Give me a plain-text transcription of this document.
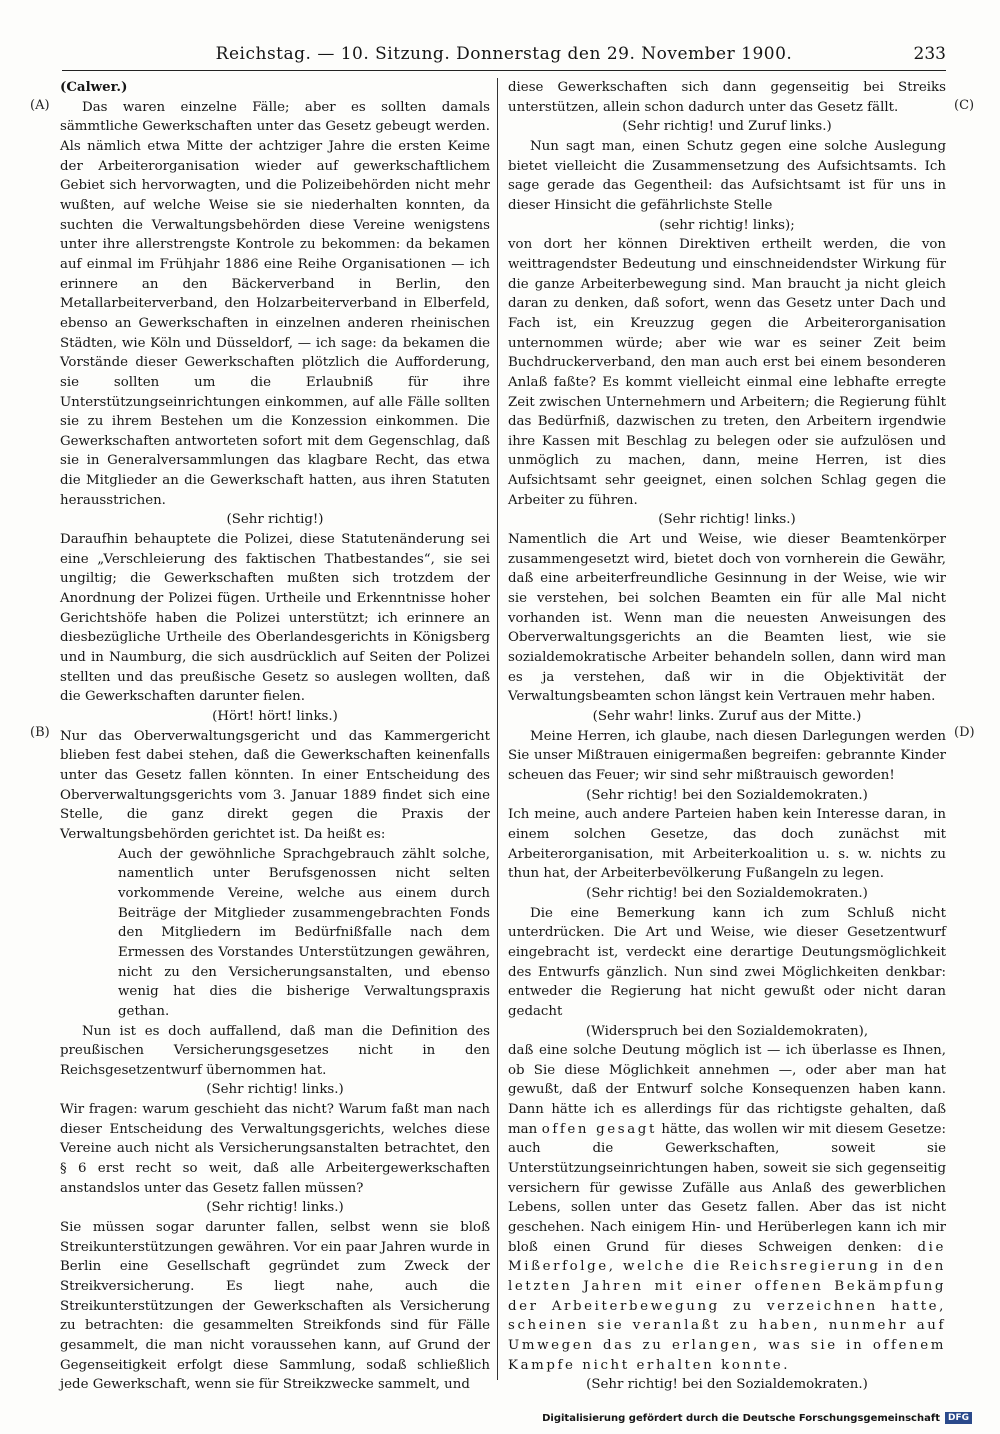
Reichstag. — 10. Sitzung. Donnerstag den 29. November 1900.	233
(A)
(B)
(C)
(D)

(Calwer.)

Das waren einzelne Fälle; aber es sollten damals sämmtliche Gewerkschaften unter das Gesetz gebeugt werden. Als nämlich etwa Mitte der achtziger Jahre die ersten Keime der Arbeiterorganisation wieder auf gewerkschaftlichem Gebiet sich hervorwagten, und die Polizeibehörden nicht mehr wußten, auf welche Weise sie sie niederhalten konnten, da suchten die Verwaltungsbehörden diese Vereine wenigstens unter ihre allerstrengste Kontrole zu bekommen: da bekamen auf einmal im Frühjahr 1886 eine Reihe Organisationen — ich erinnere an den Bäckerverband in Berlin, den Metallarbeiterverband, den Holzarbeiterverband in Elberfeld, ebenso an Gewerkschaften in einzelnen anderen rheinischen Städten, wie Köln und Düsseldorf, — ich sage: da bekamen die Vorstände dieser Gewerkschaften plötzlich die Aufforderung, sie sollten um die Erlaubniß für ihre Unterstützungseinrichtungen einkommen, auf alle Fälle sollten sie zu ihrem Bestehen um die Konzession einkommen. Die Gewerkschaften antworteten sofort mit dem Gegenschlag, daß sie in Generalversammlungen das klagbare Recht, das etwa die Mitglieder an die Gewerkschaft hatten, aus ihren Statuten herausstrichen.

(Sehr richtig!)

Daraufhin behauptete die Polizei, diese Statutenänderung sei eine „Verschleierung des faktischen Thatbestandes“, sie sei ungiltig; die Gewerkschaften mußten sich trotzdem der Anordnung der Polizei fügen. Urtheile und Erkenntnisse hoher Gerichtshöfe haben die Polizei unterstützt; ich erinnere an diesbezügliche Urtheile des Oberlandesgerichts in Königsberg und in Naumburg, die sich ausdrücklich auf Seiten der Polizei stellten und das preußische Gesetz so auslegen wollten, daß die Gewerkschaften darunter fielen.

(Hört! hört! links.)

Nur das Oberverwaltungsgericht und das Kammergericht blieben fest dabei stehen, daß die Gewerkschaften keinenfalls unter das Gesetz fallen könnten. In einer Entscheidung des Oberverwaltungsgerichts vom 3. Januar 1889 findet sich eine Stelle, die ganz direkt gegen die Praxis der Verwaltungsbehörden gerichtet ist. Da heißt es:

Auch der gewöhnliche Sprachgebrauch zählt solche, namentlich unter Berufsgenossen nicht selten vorkommende Vereine, welche aus einem durch Beiträge der Mitglieder zusammengebrachten Fonds den Mitgliedern im Bedürfnißfalle nach dem Ermessen des Vorstandes Unterstützungen gewähren, nicht zu den Versicherungsanstalten, und ebenso wenig hat dies die bisherige Verwaltungspraxis gethan.

Nun ist es doch auffallend, daß man die Definition des preußischen Versicherungsgesetzes nicht in den Reichsgesetzentwurf übernommen hat.

(Sehr richtig! links.)

Wir fragen: warum geschieht das nicht? Warum faßt man nach dieser Entscheidung des Verwaltungsgerichts, welches diese Vereine auch nicht als Versicherungsanstalten betrachtet, den § 6 erst recht so weit, daß alle Arbeitergewerkschaften anstandslos unter das Gesetz fallen müssen?

(Sehr richtig! links.)

Sie müssen sogar darunter fallen, selbst wenn sie bloß Streikunterstützungen gewähren. Vor ein paar Jahren wurde in Berlin eine Gesellschaft gegründet zum Zweck der Streikversicherung. Es liegt nahe, auch die Streikunterstützungen der Gewerkschaften als Versicherung zu betrachten: die gesammelten Streikfonds sind für Fälle gesammelt, die man nicht voraussehen kann, auf Grund der Gegenseitigkeit erfolgt diese Sammlung, sodaß schließlich jede Gewerkschaft, wenn sie für Streikzwecke sammelt, und

diese Gewerkschaften sich dann gegenseitig bei Streiks unterstützen, allein schon dadurch unter das Gesetz fällt.

(Sehr richtig! und Zuruf links.)

Nun sagt man, einen Schutz gegen eine solche Auslegung bietet vielleicht die Zusammensetzung des Aufsichtsamts. Ich sage gerade das Gegentheil: das Aufsichtsamt ist für uns in dieser Hinsicht die gefährlichste Stelle

(sehr richtig! links);

von dort her können Direktiven ertheilt werden, die von weittragendster Bedeutung und einschneidendster Wirkung für die ganze Arbeiterbewegung sind. Man braucht ja nicht gleich daran zu denken, daß sofort, wenn das Gesetz unter Dach und Fach ist, ein Kreuzzug gegen die Arbeiterorganisation unternommen würde; aber wie war es seiner Zeit beim Buchdruckerverband, den man auch erst bei einem besonderen Anlaß faßte? Es kommt vielleicht einmal eine lebhafte erregte Zeit zwischen Unternehmern und Arbeitern; die Regierung fühlt das Bedürfniß, dazwischen zu treten, den Arbeitern irgendwie ihre Kassen mit Beschlag zu belegen oder sie aufzulösen und unmöglich zu machen, dann, meine Herren, ist dies Aufsichtsamt sehr geeignet, einen solchen Schlag gegen die Arbeiter zu führen.

(Sehr richtig! links.)

Namentlich die Art und Weise, wie dieser Beamtenkörper zusammengesetzt wird, bietet doch von vornherein die Gewähr, daß eine arbeiterfreundliche Gesinnung in der Weise, wie wir sie verstehen, bei solchen Beamten ein für alle Mal nicht vorhanden ist. Wenn man die neuesten Anweisungen des Oberverwaltungsgerichts an die Beamten liest, wie sie sozialdemokratische Arbeiter behandeln sollen, dann wird man es ja verstehen, daß wir in die Objektivität der Verwaltungsbeamten schon längst kein Vertrauen mehr haben.

(Sehr wahr! links. Zuruf aus der Mitte.)

Meine Herren, ich glaube, nach diesen Darlegungen werden Sie unser Mißtrauen einigermaßen begreifen: gebrannte Kinder scheuen das Feuer; wir sind sehr mißtrauisch geworden!

(Sehr richtig! bei den Sozialdemokraten.)

Ich meine, auch andere Parteien haben kein Interesse daran, in einem solchen Gesetze, das doch zunächst mit Arbeiterorganisation, mit Arbeiterkoalition u. s. w. nichts zu thun hat, der Arbeiterbevölkerung Fußangeln zu legen.

(Sehr richtig! bei den Sozialdemokraten.)

Die eine Bemerkung kann ich zum Schluß nicht unterdrücken. Die Art und Weise, wie dieser Gesetzentwurf eingebracht ist, verdeckt eine derartige Deutungsmöglichkeit des Entwurfs gänzlich. Nun sind zwei Möglichkeiten denkbar: entweder die Regierung hat nicht gewußt oder nicht daran gedacht

(Widerspruch bei den Sozialdemokraten),

daß eine solche Deutung möglich ist — ich überlasse es Ihnen, ob Sie diese Möglichkeit annehmen —, oder aber man hat gewußt, daß der Entwurf solche Konsequenzen haben kann. Dann hätte ich es allerdings für das richtigste gehalten, daß man offen gesagt hätte, das wollen wir mit diesem Gesetze: auch die Gewerkschaften, soweit sie Unterstützungseinrichtungen haben, soweit sie sich gegenseitig versichern für gewisse Zufälle aus Anlaß des gewerblichen Lebens, sollen unter das Gesetz fallen. Aber das ist nicht geschehen. Nach einigem Hin- und Herüberlegen kann ich mir bloß einen Grund für dieses Schweigen denken: die Mißerfolge, welche die Reichsregierung in den letzten Jahren mit einer offenen Bekämpfung der Arbeiterbewegung zu verzeichnen hatte, scheinen sie veranlaßt zu haben, nunmehr auf Umwegen das zu erlangen, was sie in offenem Kampfe nicht erhalten konnte.

(Sehr richtig! bei den Sozialdemokraten.)

Digitalisierung gefördert durch die Deutsche Forschungsgemeinschaft DFG
